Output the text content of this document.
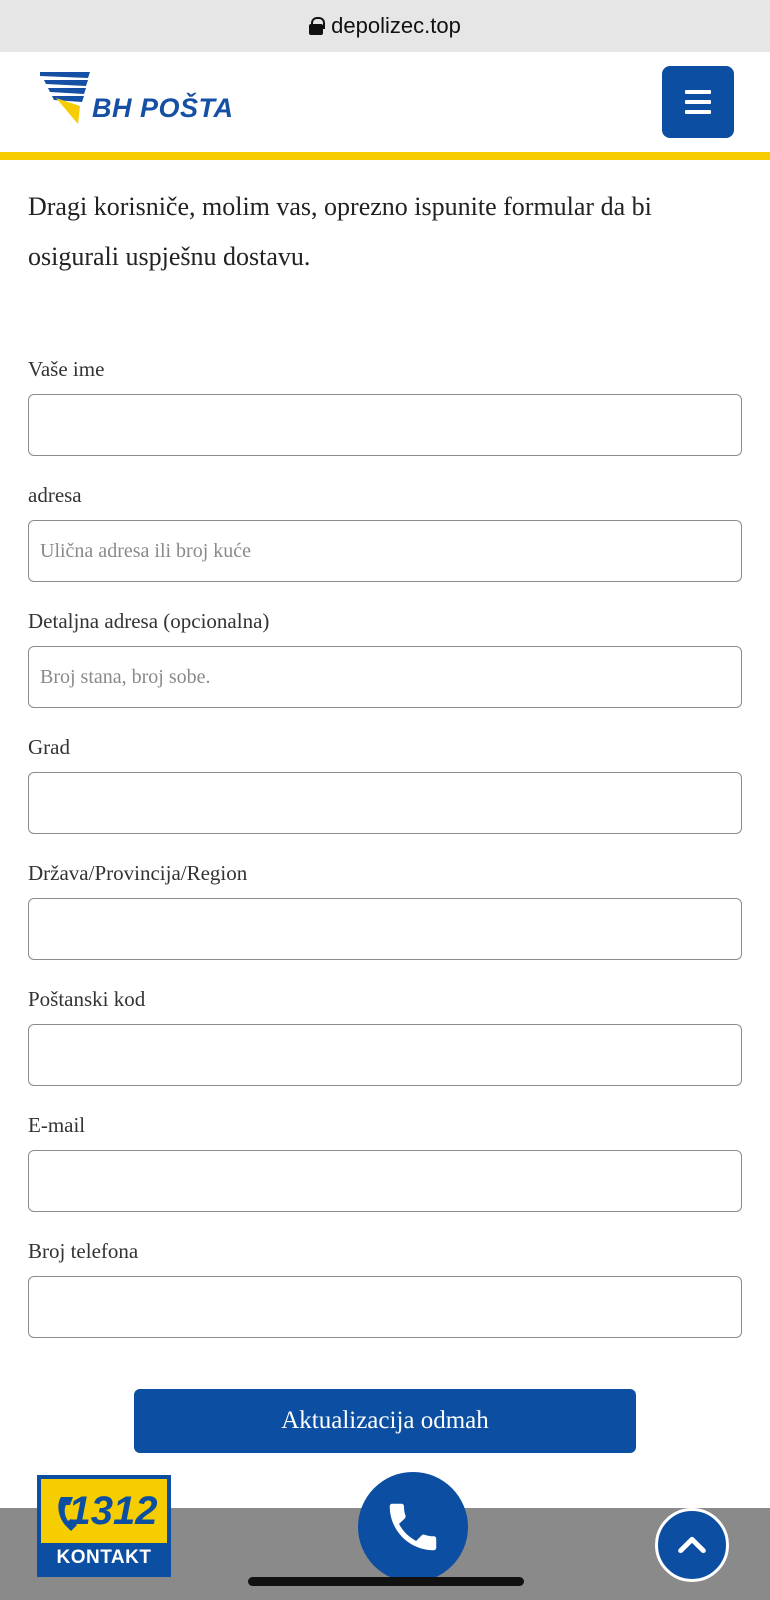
depolizec.top
BH POŠTA

Dragi korisniče, molim vas, oprezno ispunite formular da bi osigurali uspješnu dostavu.

Vaše ime
adresa
Ulična adresa ili broj kuće
Detaljna adresa (opcionalna)
Broj stana, broj sobe.
Grad
Država/Provincija/Region
Poštanski kod
E-mail
Broj telefona
Aktualizacija odmah
1312
KONTAKT
